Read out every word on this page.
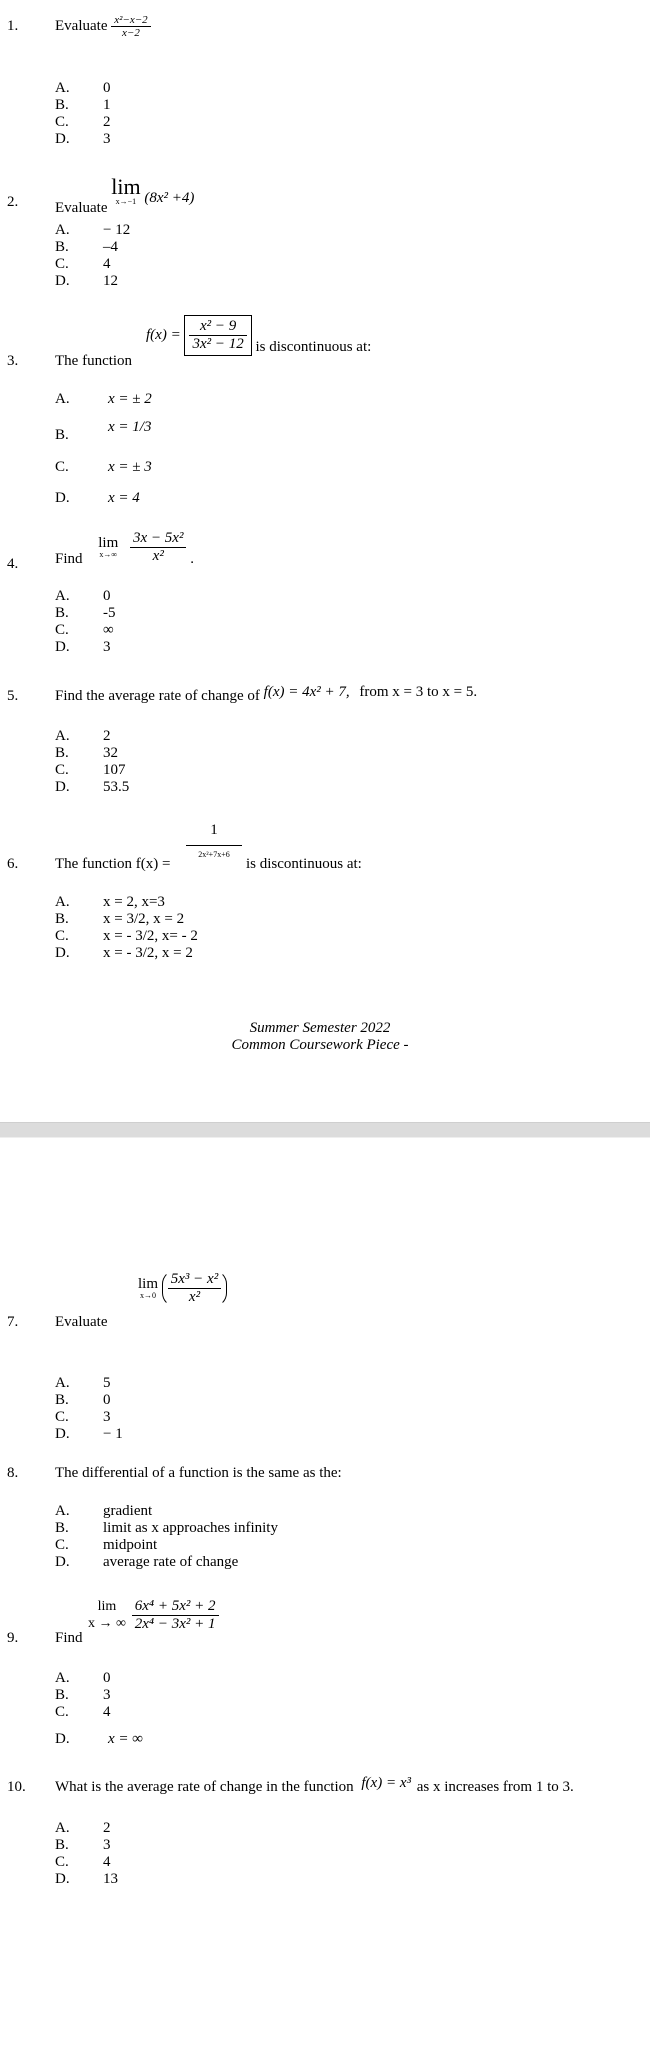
1. Evaluate $\frac{\text{x²−x−2}}{x-2}$
A. 0
B. 1
C. 2
D. 3
2. Evaluate
lim
x→−1 (8x² +4)
A. − 12
B. –4
C. 4
D. 12
3. The function
$f(x) = \frac{\text{x² − 9}}{\text{3x² − 12}}$ is discontinuous at:
A.	x = ± 2
B.	x = 1/3
C.	x = ± 3
D.	x = 4
4. Find
lim
x→∞
$\frac{\text{3x − 5x²}}{\text{x²}}$ .
A. 0
B. -5
C. ∞
D. 3
5. Find the average rate of change of f(x) = 4x² + 7, from x = 3 to x = 5.
A. 2
B. 32
C. 107
D. 53.5
6. The function f(x) =
$\frac{1}{\text{2x²+7x+6}}$
is discontinuous at:
A. x = 2, x=3
B. x = 3/2, x = 2
C. x = - 3/2, x= - 2
D. x = - 3/2, x = 2
Summer Semester 2022
Common Coursework Piece -
7. Evaluate
lim
x→0
$\frac{\text{5x³ − x²}}{\text{x²}}$
A. 5
B. 0
C. 3
D. − 1
8. The differential of a function is the same as the:
A. gradient
B. limit as x approaches infinity
C. midpoint
D. average rate of change
9. Find
lim
x → ∞
$\frac{\text{6x⁴ + 5x² + 2}}{\text{2x⁴ − 3x² + 1}}$
A. 0
B. 3
C. 4
D.	x = ∞
10. What is the average rate of change in the function f(x) = x³ as x increases from 1 to 3.
A. 2
B. 3
C. 4
D. 13
